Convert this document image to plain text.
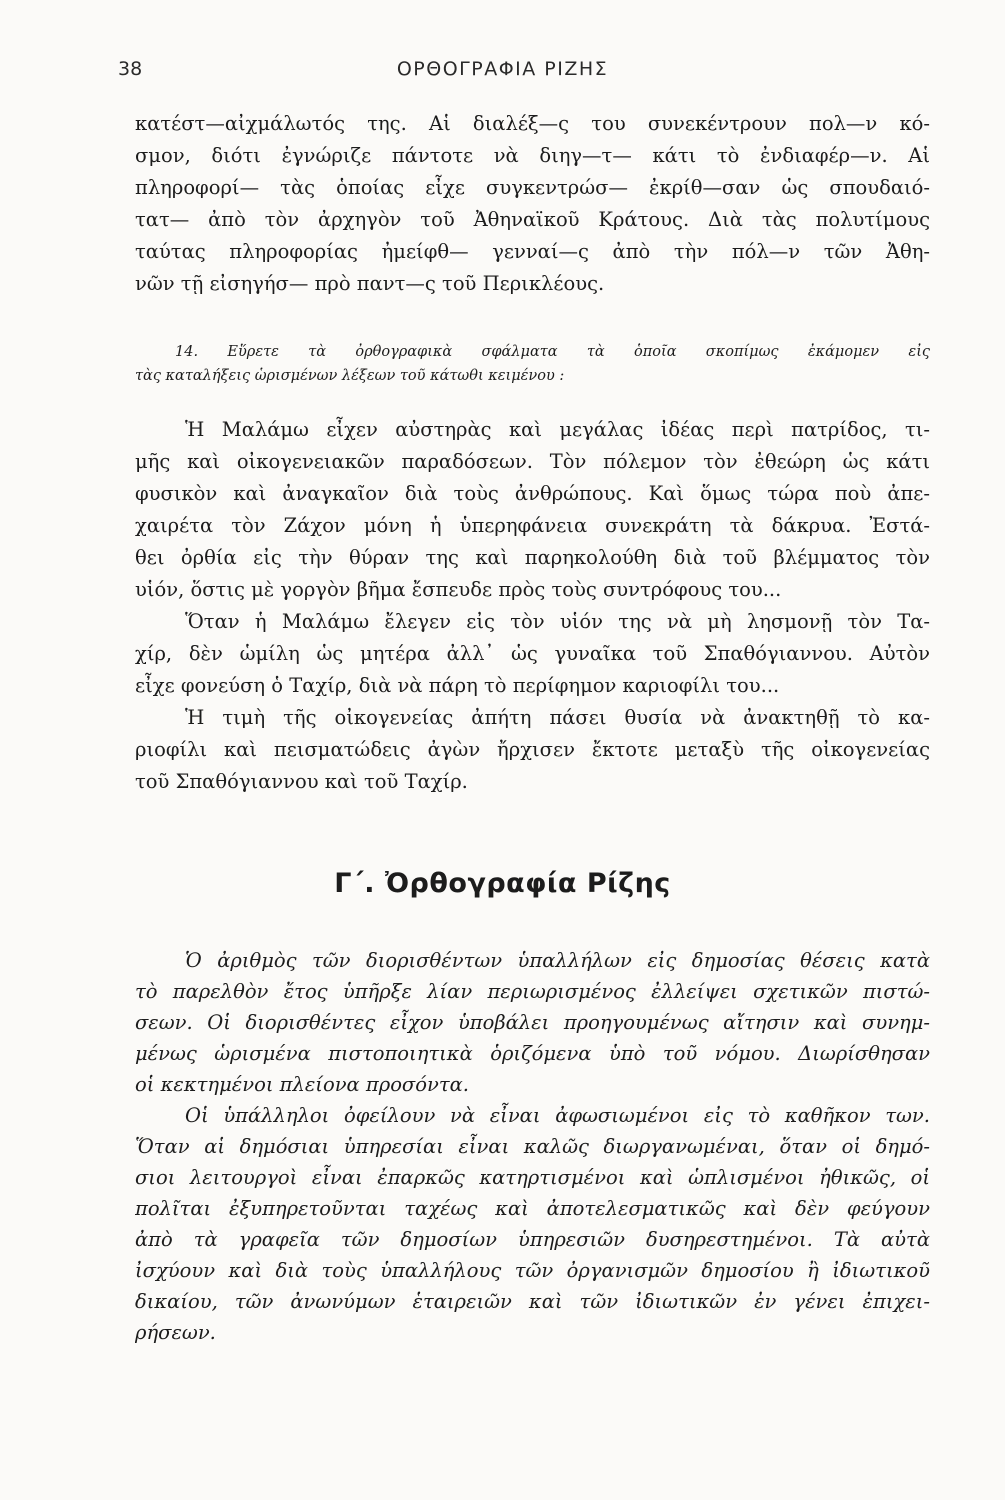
38	ΟΡΘΟΓΡΑΦΙΑ ΡΙΖΗΣ
κατέστ—αἰχμάλωτός της. Αἱ διαλέξ—ς του συνεκέντρουν πολ—ν κό-
σμον, διότι ἐγνώριζε πάντοτε νὰ διηγ—τ— κάτι τὸ ἐνδιαφέρ—ν. Αἱ
πληροφορί— τὰς ὁποίας εἶχε συγκεντρώσ— ἐκρίθ—σαν ὡς σπουδαιό-
τατ— ἀπὸ τὸν ἀρχηγὸν τοῦ Ἀθηναϊκοῦ Κράτους. Διὰ τὰς πολυτίμους
ταύτας πληροφορίας ἠμείφθ— γενναί—ς ἀπὸ τὴν πόλ—ν τῶν Ἀθη-
νῶν τῇ εἰσηγήσ— πρὸ παντ—ς τοῦ Περικλέους.
14. Εὕρετε τὰ ὀρθογραφικὰ σφάλματα τὰ ὁποῖα σκοπίμως ἐκάμομεν εἰς
τὰς καταλήξεις ὡρισμένων λέξεων τοῦ κάτωθι κειμένου :
Ἡ Μαλάμω εἶχεν αὐστηρὰς καὶ μεγάλας ἰδέας περὶ πατρίδος, τι-
μῆς καὶ οἰκογενειακῶν παραδόσεων. Τὸν πόλεμον τὸν ἐθεώρη ὡς κάτι
φυσικὸν καὶ ἀναγκαῖον διὰ τοὺς ἀνθρώπους. Καὶ ὅμως τώρα ποὺ ἀπε-
χαιρέτα τὸν Ζάχον μόνη ἡ ὑπερηφάνεια συνεκράτη τὰ δάκρυα. Ἐστά-
θει ὀρθία εἰς τὴν θύραν της καὶ παρηκολούθη διὰ τοῦ βλέμματος τὸν
υἱόν, ὅστις μὲ γοργὸν βῆμα ἔσπευδε πρὸς τοὺς συντρόφους του...
Ὅταν ἡ Μαλάμω ἔλεγεν εἰς τὸν υἱόν της νὰ μὴ λησμονῇ τὸν Τα-
χίρ, δὲν ὡμίλη ὡς μητέρα ἀλλ᾽ ὡς γυναῖκα τοῦ Σπαθόγιαννου. Αὐτὸν
εἶχε φονεύση ὁ Ταχίρ, διὰ νὰ πάρη τὸ περίφημον καριοφίλι του...
Ἡ τιμὴ τῆς οἰκογενείας ἀπήτη πάσει θυσία νὰ ἀνακτηθῇ τὸ κα-
ριοφίλι καὶ πεισματώδεις ἀγὼν ἤρχισεν ἔκτοτε μεταξὺ τῆς οἰκογενείας
τοῦ Σπαθόγιαννου καὶ τοῦ Ταχίρ.
Γ΄. Ὀρθογραφία Ρίζης
Ὁ ἀριθμὸς τῶν διορισθέντων ὑπαλλήλων εἰς δημοσίας θέσεις κατὰ
τὸ παρελθὸν ἔτος ὑπῆρξε λίαν περιωρισμένος ἐλλείψει σχετικῶν πιστώ-
σεων. Οἱ διορισθέντες εἶχον ὑποβάλει προηγουμένως αἴτησιν καὶ συνημ-
μένως ὡρισμένα πιστοποιητικὰ ὁριζόμενα ὑπὸ τοῦ νόμου. Διωρίσθησαν
οἱ κεκτημένοι πλείονα προσόντα.
Οἱ ὑπάλληλοι ὀφείλουν νὰ εἶναι ἀφωσιωμένοι εἰς τὸ καθῆκον των.
Ὅταν αἱ δημόσιαι ὑπηρεσίαι εἶναι καλῶς διωργανωμέναι, ὅταν οἱ δημό-
σιοι λειτουργοὶ εἶναι ἐπαρκῶς κατηρτισμένοι καὶ ὡπλισμένοι ἠθικῶς, οἱ
πολῖται ἐξυπηρετοῦνται ταχέως καὶ ἀποτελεσματικῶς καὶ δὲν φεύγουν
ἀπὸ τὰ γραφεῖα τῶν δημοσίων ὑπηρεσιῶν δυσηρεστημένοι. Τὰ αὐτὰ
ἰσχύουν καὶ διὰ τοὺς ὑπαλλήλους τῶν ὀργανισμῶν δημοσίου ἢ ἰδιωτικοῦ
δικαίου, τῶν ἀνωνύμων ἑταιρειῶν καὶ τῶν ἰδιωτικῶν ἐν γένει ἐπιχει-
ρήσεων.
